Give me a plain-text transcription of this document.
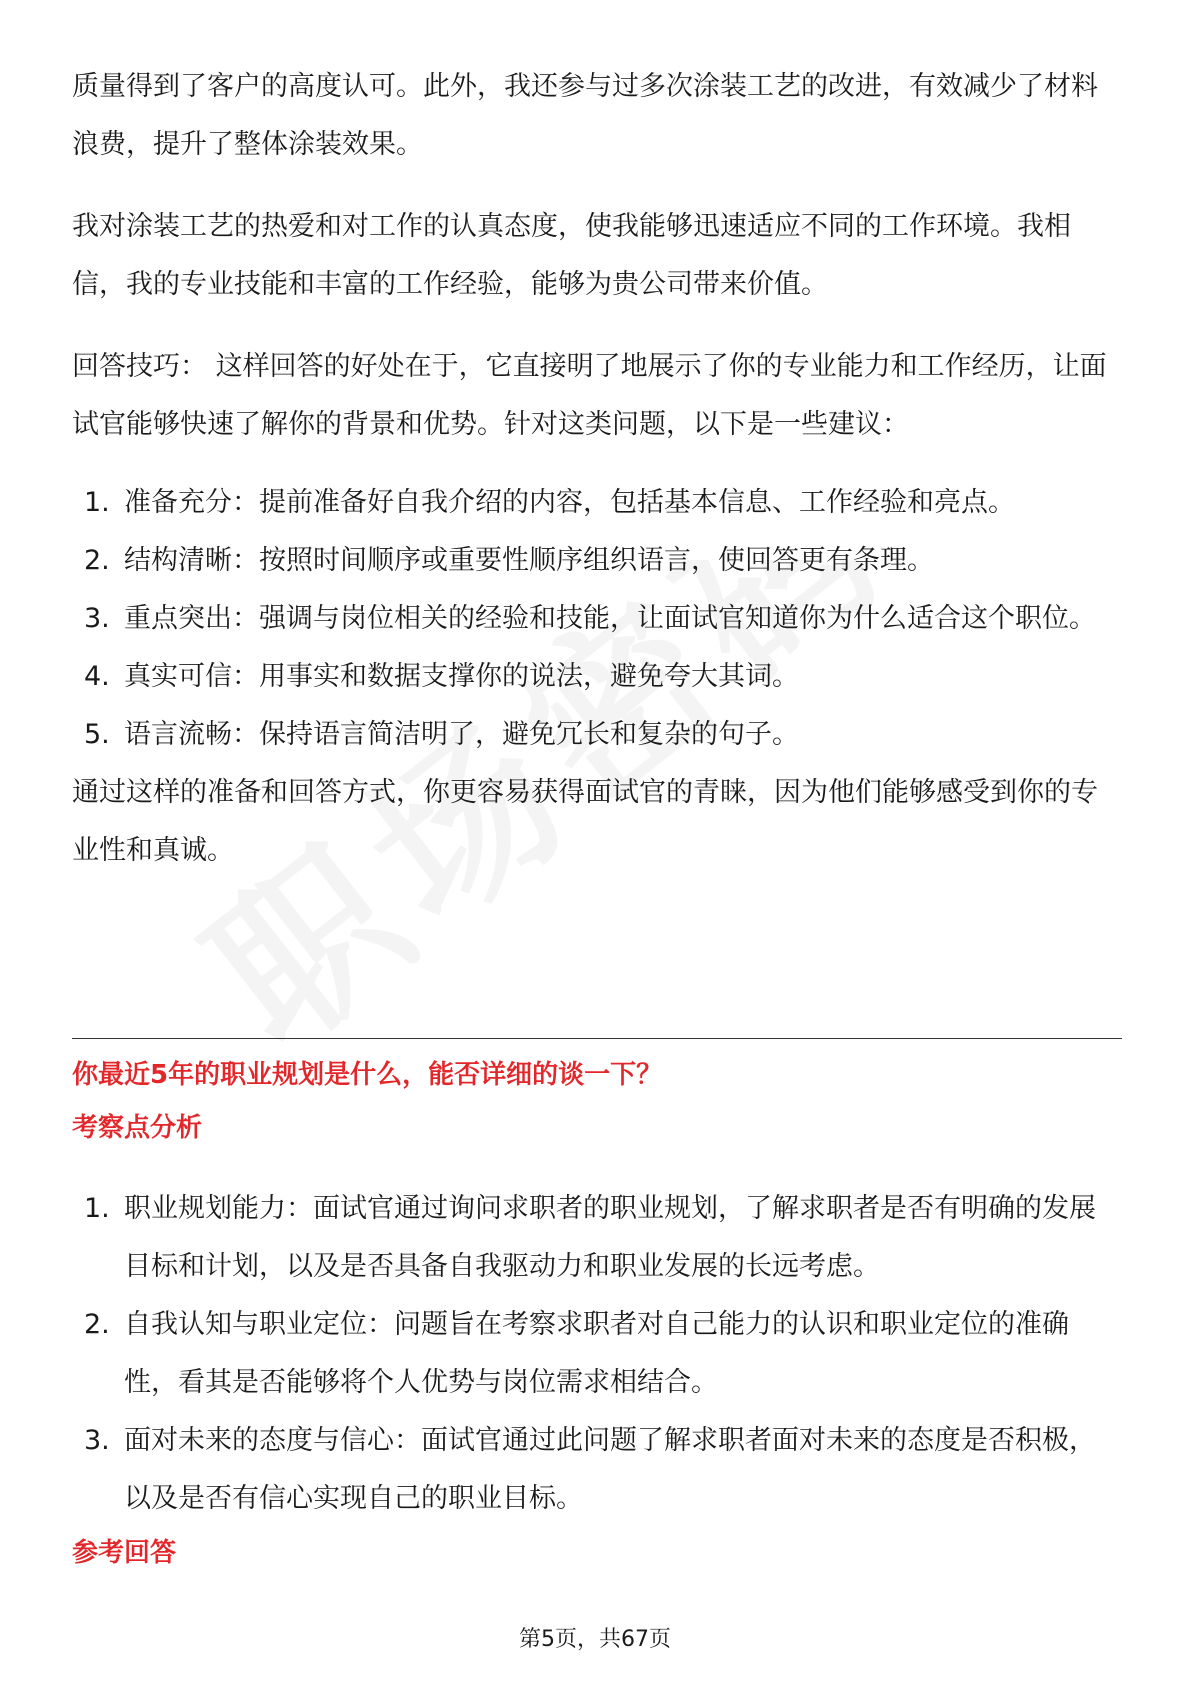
质量得到了客户的高度认可。此外，我还参与过多次涂装工艺的改进，有效减少了材料浪费，提升了整体涂装效果。

我对涂装工艺的热爱和对工作的认真态度，使我能够迅速适应不同的工作环境。我相信，我的专业技能和丰富的工作经验，能够为贵公司带来价值。

回答技巧： 这样回答的好处在于，它直接明了地展示了你的专业能力和工作经历，让面试官能够快速了解你的背景和优势。针对这类问题，以下是一些建议：

1. 准备充分：提前准备好自我介绍的内容，包括基本信息、工作经验和亮点。
2. 结构清晰：按照时间顺序或重要性顺序组织语言，使回答更有条理。
3. 重点突出：强调与岗位相关的经验和技能，让面试官知道你为什么适合这个职位。
4. 真实可信：用事实和数据支撑你的说法，避免夸大其词。
5. 语言流畅：保持语言简洁明了，避免冗长和复杂的句子。

通过这样的准备和回答方式，你更容易获得面试官的青睐，因为他们能够感受到你的专业性和真诚。

你最近5年的职业规划是什么，能否详细的谈一下？
考察点分析
1. 职业规划能力：面试官通过询问求职者的职业规划，了解求职者是否有明确的发展目标和计划，以及是否具备自我驱动力和职业发展的长远考虑。
2. 自我认知与职业定位：问题旨在考察求职者对自己能力的认识和职业定位的准确性，看其是否能够将个人优势与岗位需求相结合。
3. 面对未来的态度与信心：面试官通过此问题了解求职者面对未来的态度是否积极，以及是否有信心实现自己的职业目标。
参考回答
第5页，共67页
